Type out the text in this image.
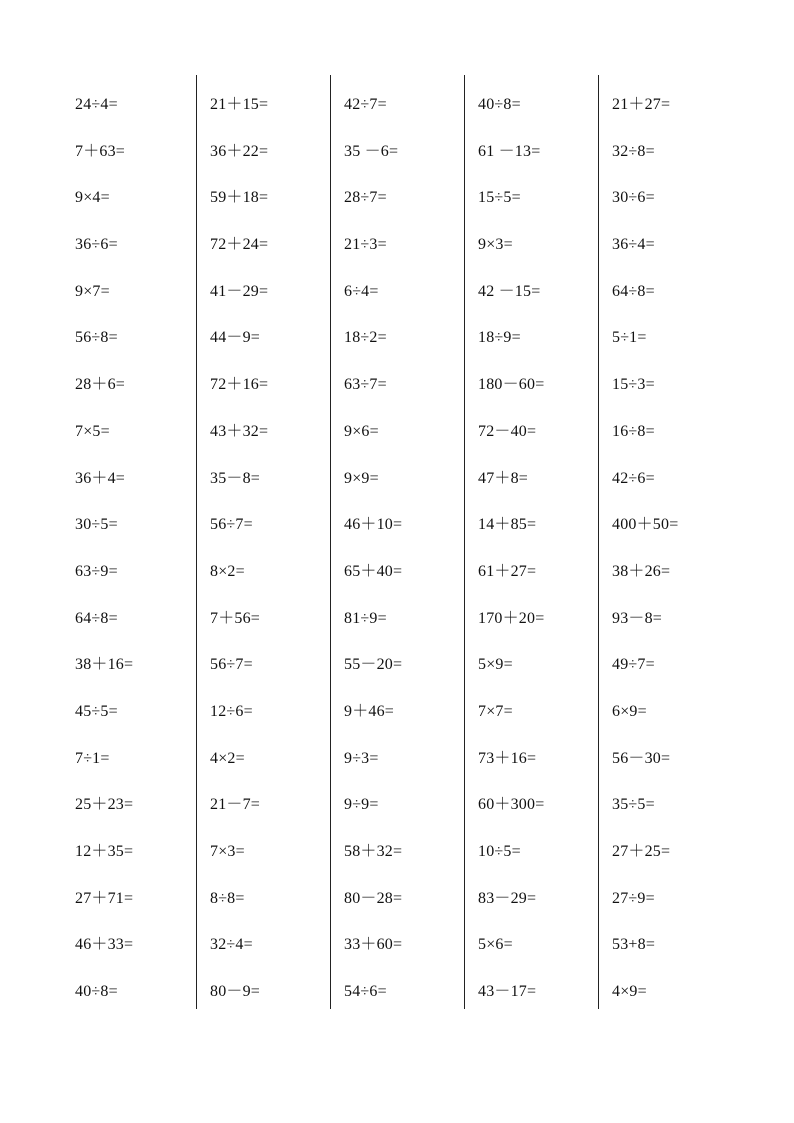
24÷4=
7＋63=
9×4=
36÷6=
9×7=
56÷8=
28＋6=
7×5=
36＋4=
30÷5=
63÷9=
64÷8=
38＋16=
45÷5=
7÷1=
25＋23=
12＋35=
27＋71=
46＋33=
40÷8=
21＋15=
36＋22=
59＋18=
72＋24=
41－29=
44－9=
72＋16=
43＋32=
35－8=
56÷7=
8×2=
7＋56=
56÷7=
12÷6=
4×2=
21－7=
7×3=
8÷8=
32÷4=
80－9=
42÷7=
35 －6=
28÷7=
21÷3=
6÷4=
18÷2=
63÷7=
9×6=
9×9=
46＋10=
65＋40=
81÷9=
55－20=
9＋46=
9÷3=
9÷9=
58＋32=
80－28=
33＋60=
54÷6=
40÷8=
61 －13=
15÷5=
9×3=
42 －15=
18÷9=
180－60=
72－40=
47＋8=
14＋85=
61＋27=
170＋20=
5×9=
7×7=
73＋16=
60＋300=
10÷5=
83－29=
5×6=
43－17=
21＋27=
32÷8=
30÷6=
36÷4=
64÷8=
5÷1=
15÷3=
16÷8=
42÷6=
400＋50=
38＋26=
93－8=
49÷7=
6×9=
56－30=
35÷5=
27＋25=
27÷9=
53+8=
4×9=
